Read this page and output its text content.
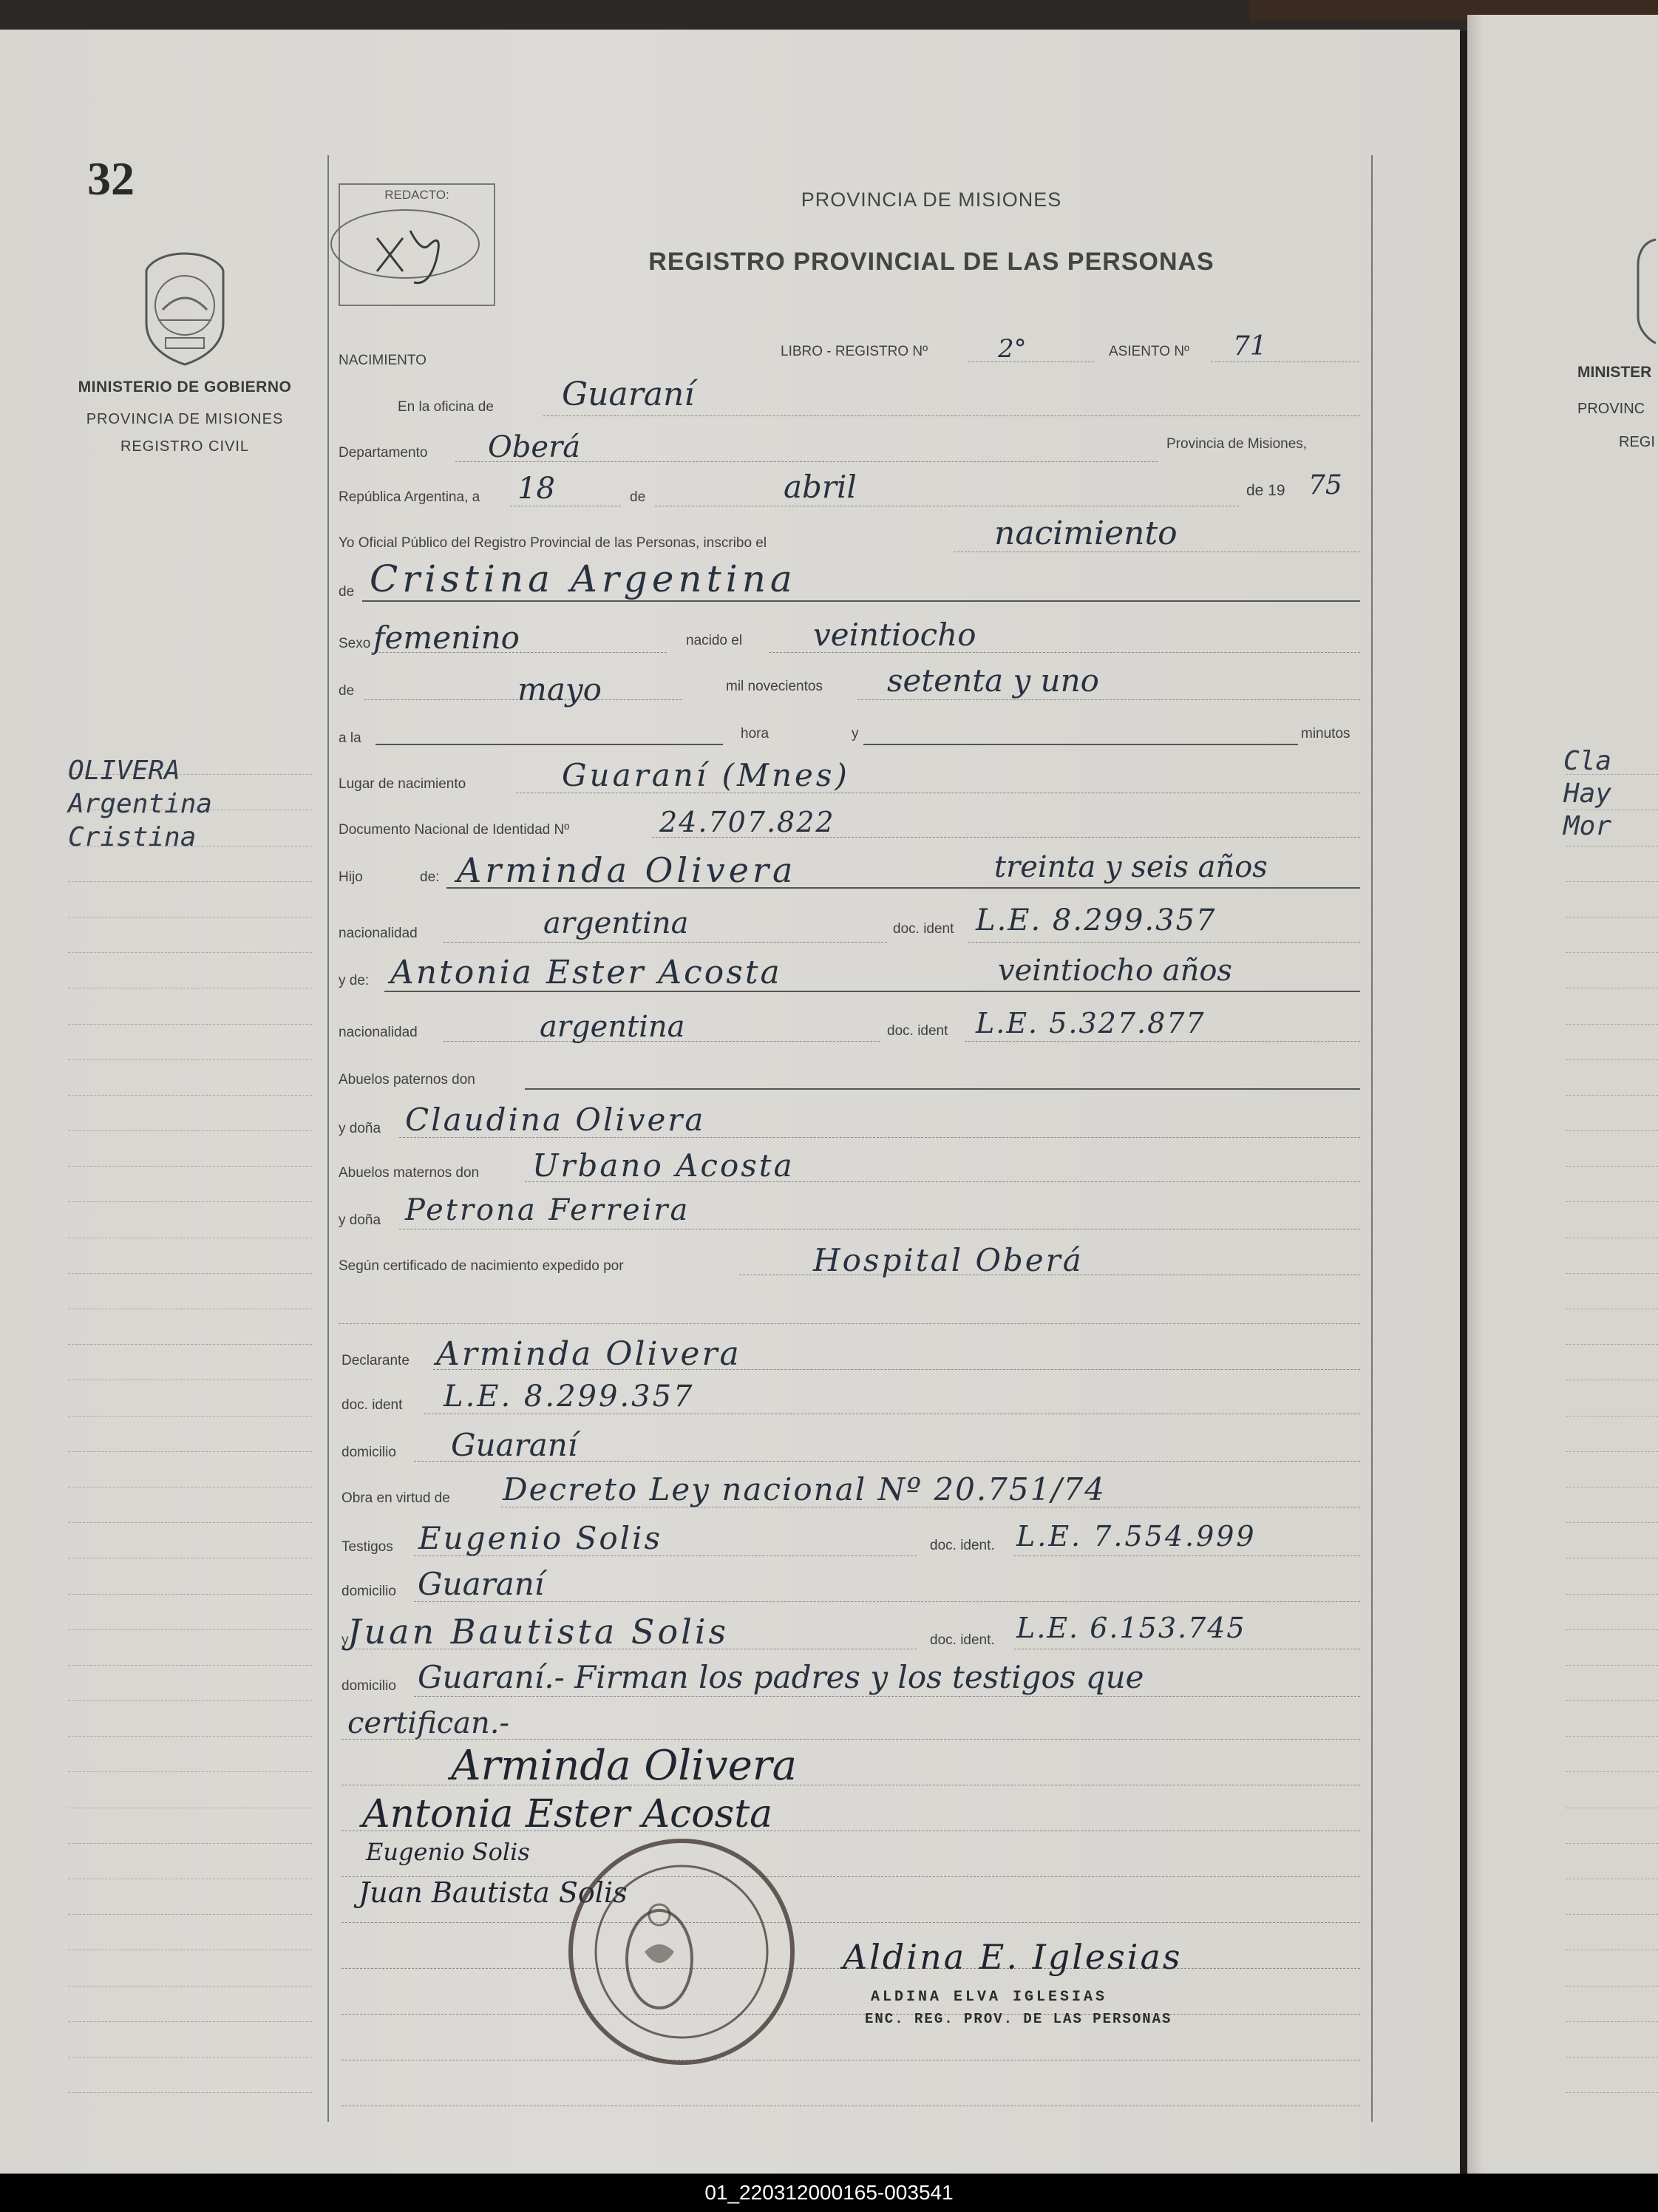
32
MINISTERIO DE GOBIERNO
PROVINCIA DE MISIONES
REGISTRO CIVIL
OLIVERA
Argentina
Cristina
Cla
Hay
Mor
MINISTER
PROVINC
REGI
REDACTO:	PROVINCIA DE MISIONES
REGISTRO PROVINCIAL DE LAS PERSONAS
NACIMIENTO
LIBRO - REGISTRO Nº	2°	ASIENTO Nº 71
En la oficina de Guaraní
Departamento Oberá	Provincia de Misiones,
República Argentina, a 18	de	abril	de 19 75
Yo Oficial Público del Registro Provincial de las Personas, inscribo el	nacimiento
de Cristina Argentina
Sexo femenino	nacido el veintiocho
de	mayo	mil novecientos setenta y uno
a la	hora	y	minutos
Lugar de nacimiento	Guaraní (Mnes)
Documento Nacional de Identidad Nº	24.707.822
Hijo	de: Arminda Olivera	treinta y seis años
nacionalidad	argentina	doc. ident L.E. 8.299.357
y de: Antonia Ester Acosta	veintiocho años
nacionalidad	argentina	doc. ident L.E. 5.327.877
Abuelos paternos don
y doña Claudina Olivera
Abuelos maternos don Urbano Acosta
y doña Petrona Ferreira
Según certificado de nacimiento expedido por	Hospital Oberá
Declarante Arminda Olivera
doc. ident L.E. 8.299.357
domicilio Guaraní
Obra en virtud de Decreto Ley nacional Nº 20.751/74
Testigos Eugenio Solis	doc. ident. L.E. 7.554.999
domicilio Guaraní
y
Juan Bautista Solis	doc. ident. L.E. 6.153.745
domicilio Guaraní.- Firman los padres y los testigos que
certifican.-
Arminda Olivera
Antonia Ester Acosta
Eugenio Solis
Juan Bautista Solis
Aldina E. Iglesias
ALDINA ELVA IGLESIAS
ENC. REG. PROV. DE LAS PERSONAS
01_220312000165-003541
